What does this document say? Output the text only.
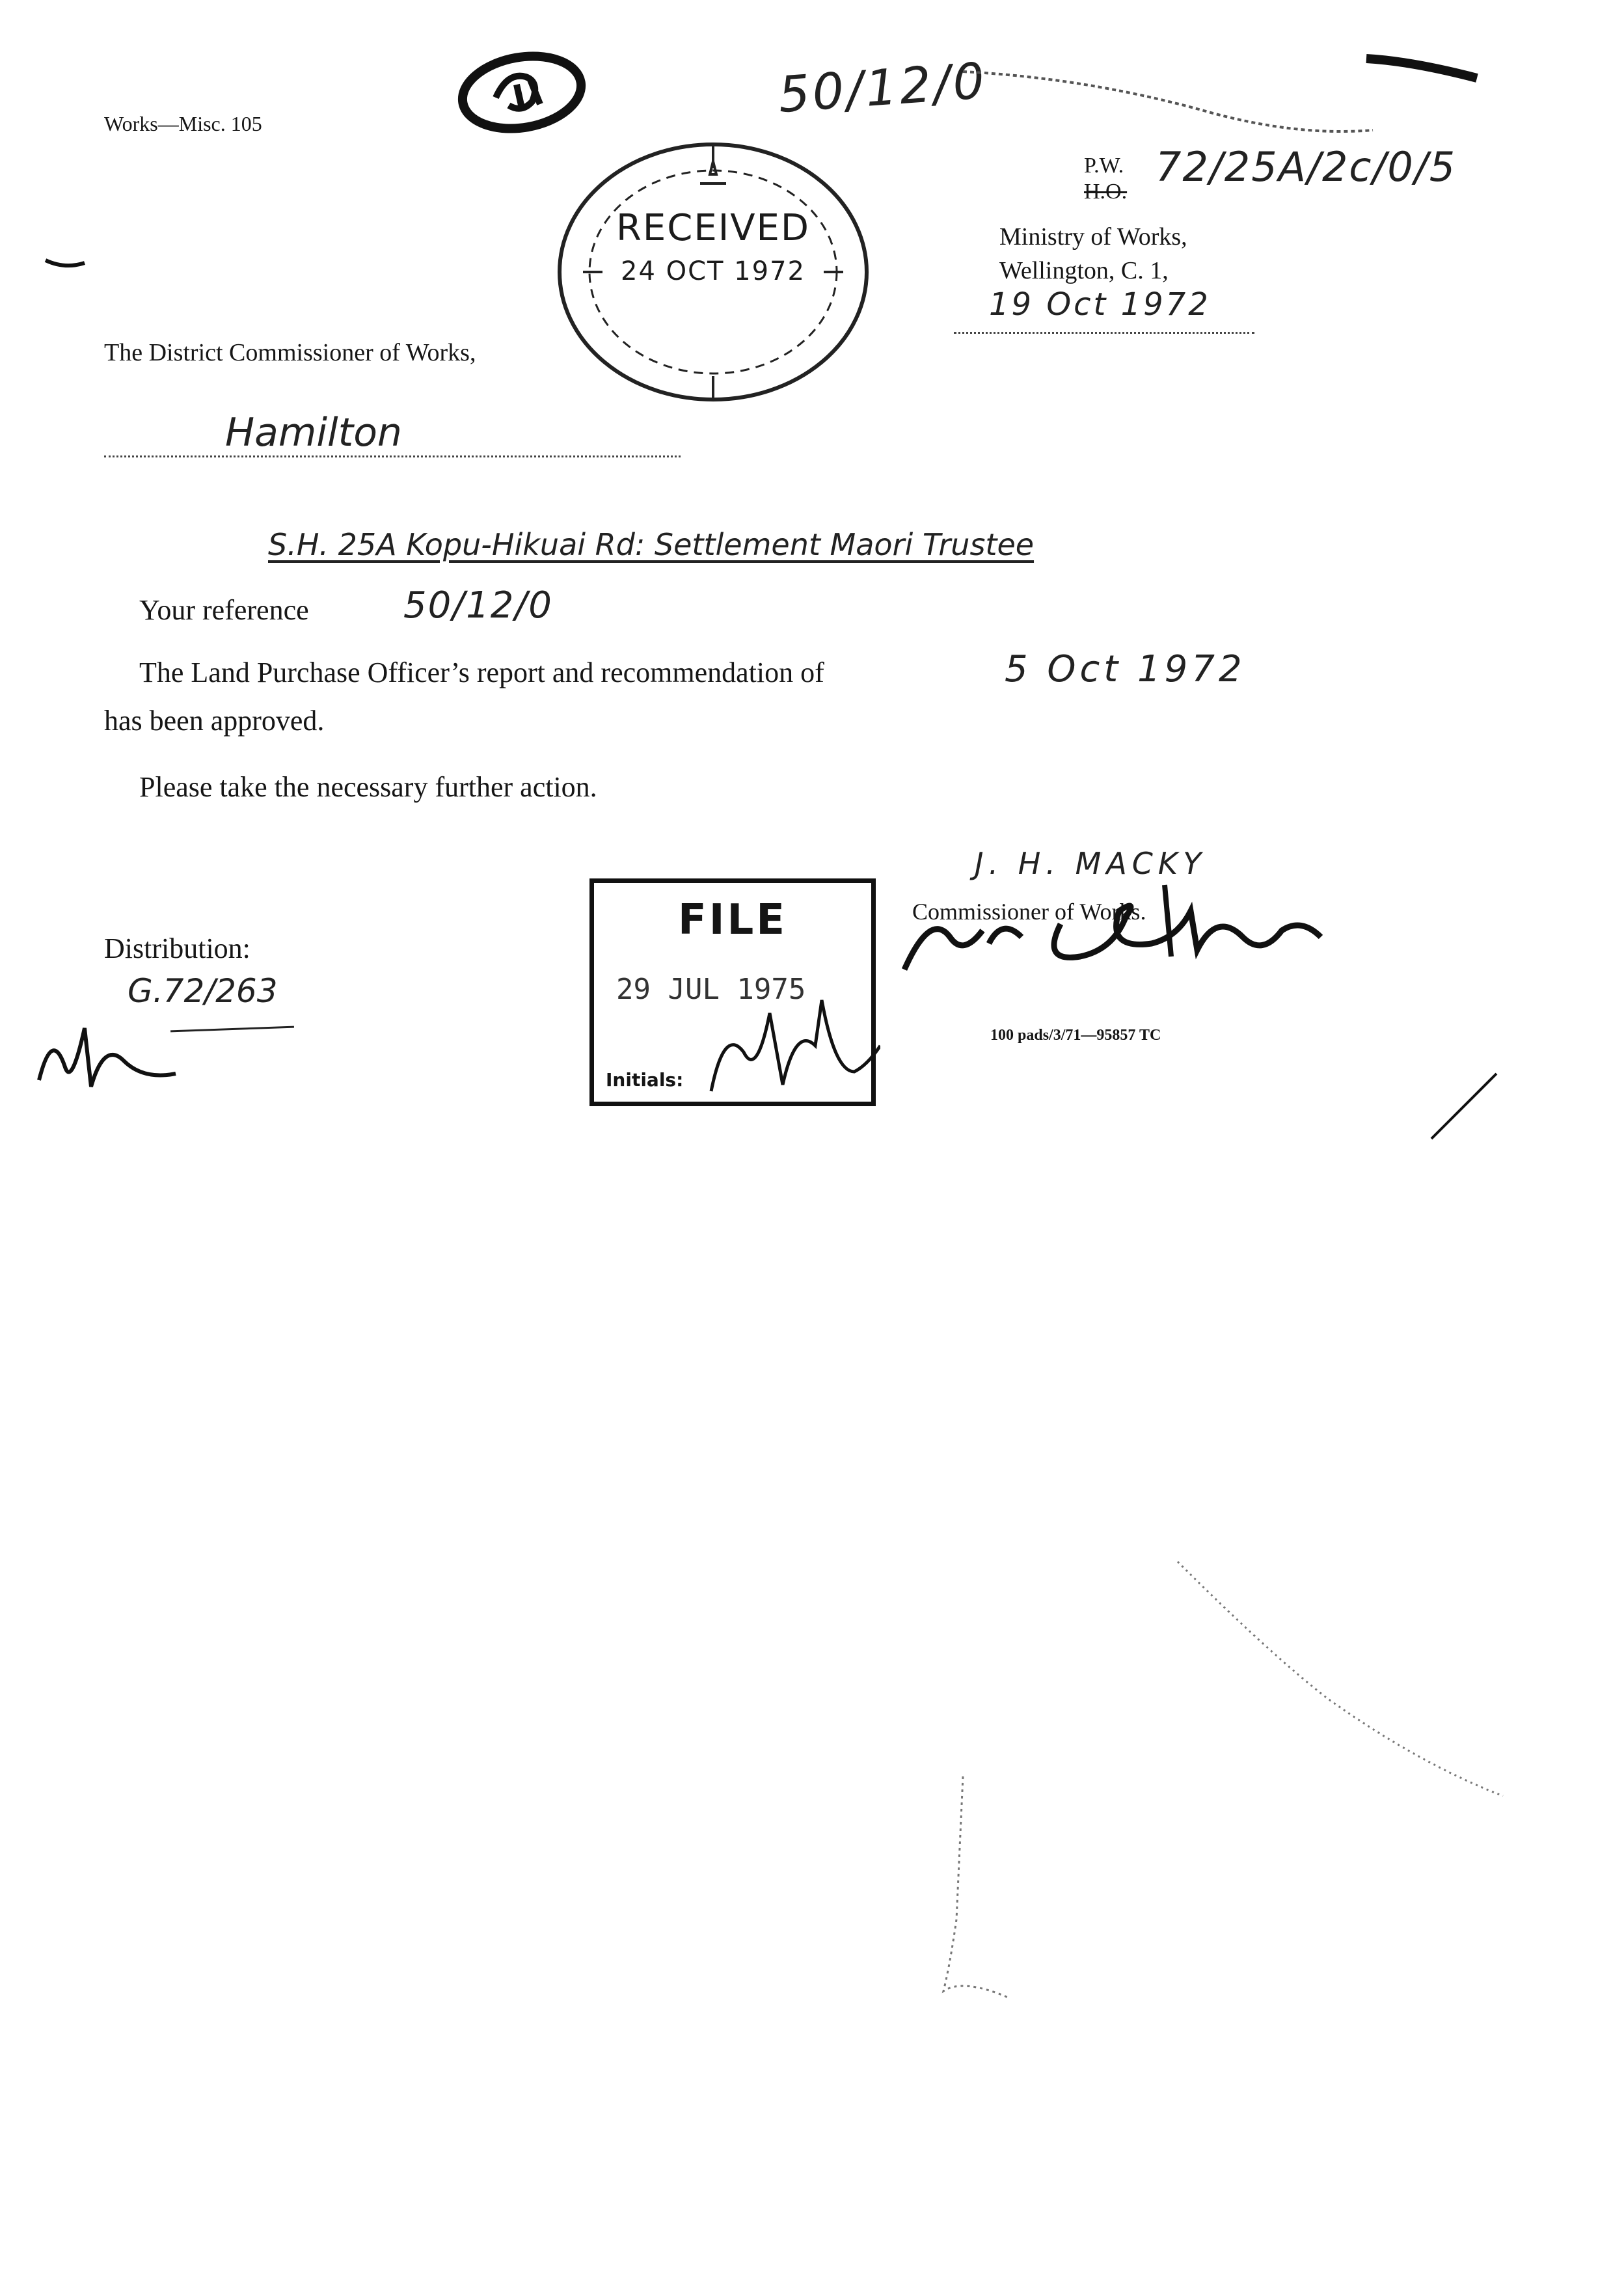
Works—Misc. 105	50/12/0
P.W.
H.O.
72/25A/2c/0/5
Ministry of Works,
Wellington, C. 1,
19 Oct 1972
RECEIVED
24 OCT 1972
The District Commissioner of Works,
Hamilton
S.H. 25A Kopu-Hikuai Rd: Settlement Maori Trustee
Your reference	50/12/0
The Land Purchase Officer’s report and recommendation of	5 Oct 1972
has been approved.
Please take the necessary further action.
J. H. MACKY
Commissioner of Works.
100 pads/3/71—95857 TC
FILE
29 JUL 1975
Initials:
Distribution:
G.72/263
